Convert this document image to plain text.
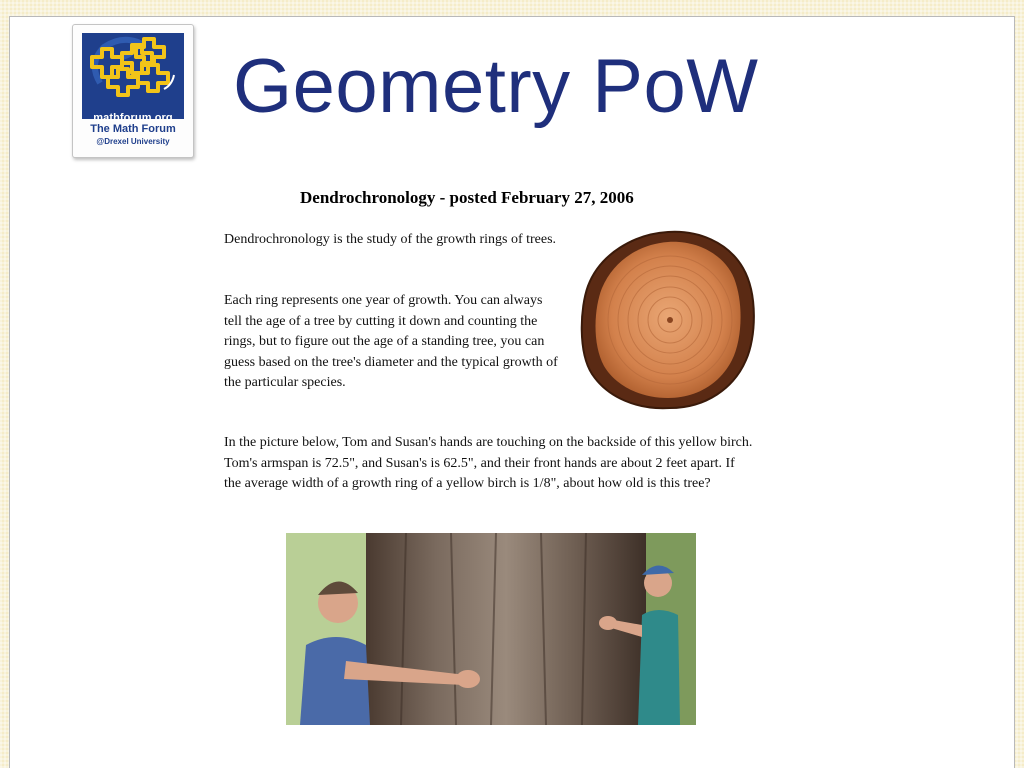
mathforum.org
The Math Forum
@Drexel University
Geometry PoW
Dendrochronology - posted February 27, 2006

Dendrochronology is the study of the growth rings of trees.

Each ring represents one year of growth. You can always tell the age of a tree by cutting it down and counting the rings, but to figure out the age of a standing tree, you can guess based on the tree's diameter and the typical growth of the particular species.

In the picture below, Tom and Susan's hands are touching on the backside of this yellow birch. Tom's armspan is 72.5", and Susan's is 62.5", and their front hands are about 2 feet apart. If the average width of a growth ring of a yellow birch is 1/8", about how old is this tree?
